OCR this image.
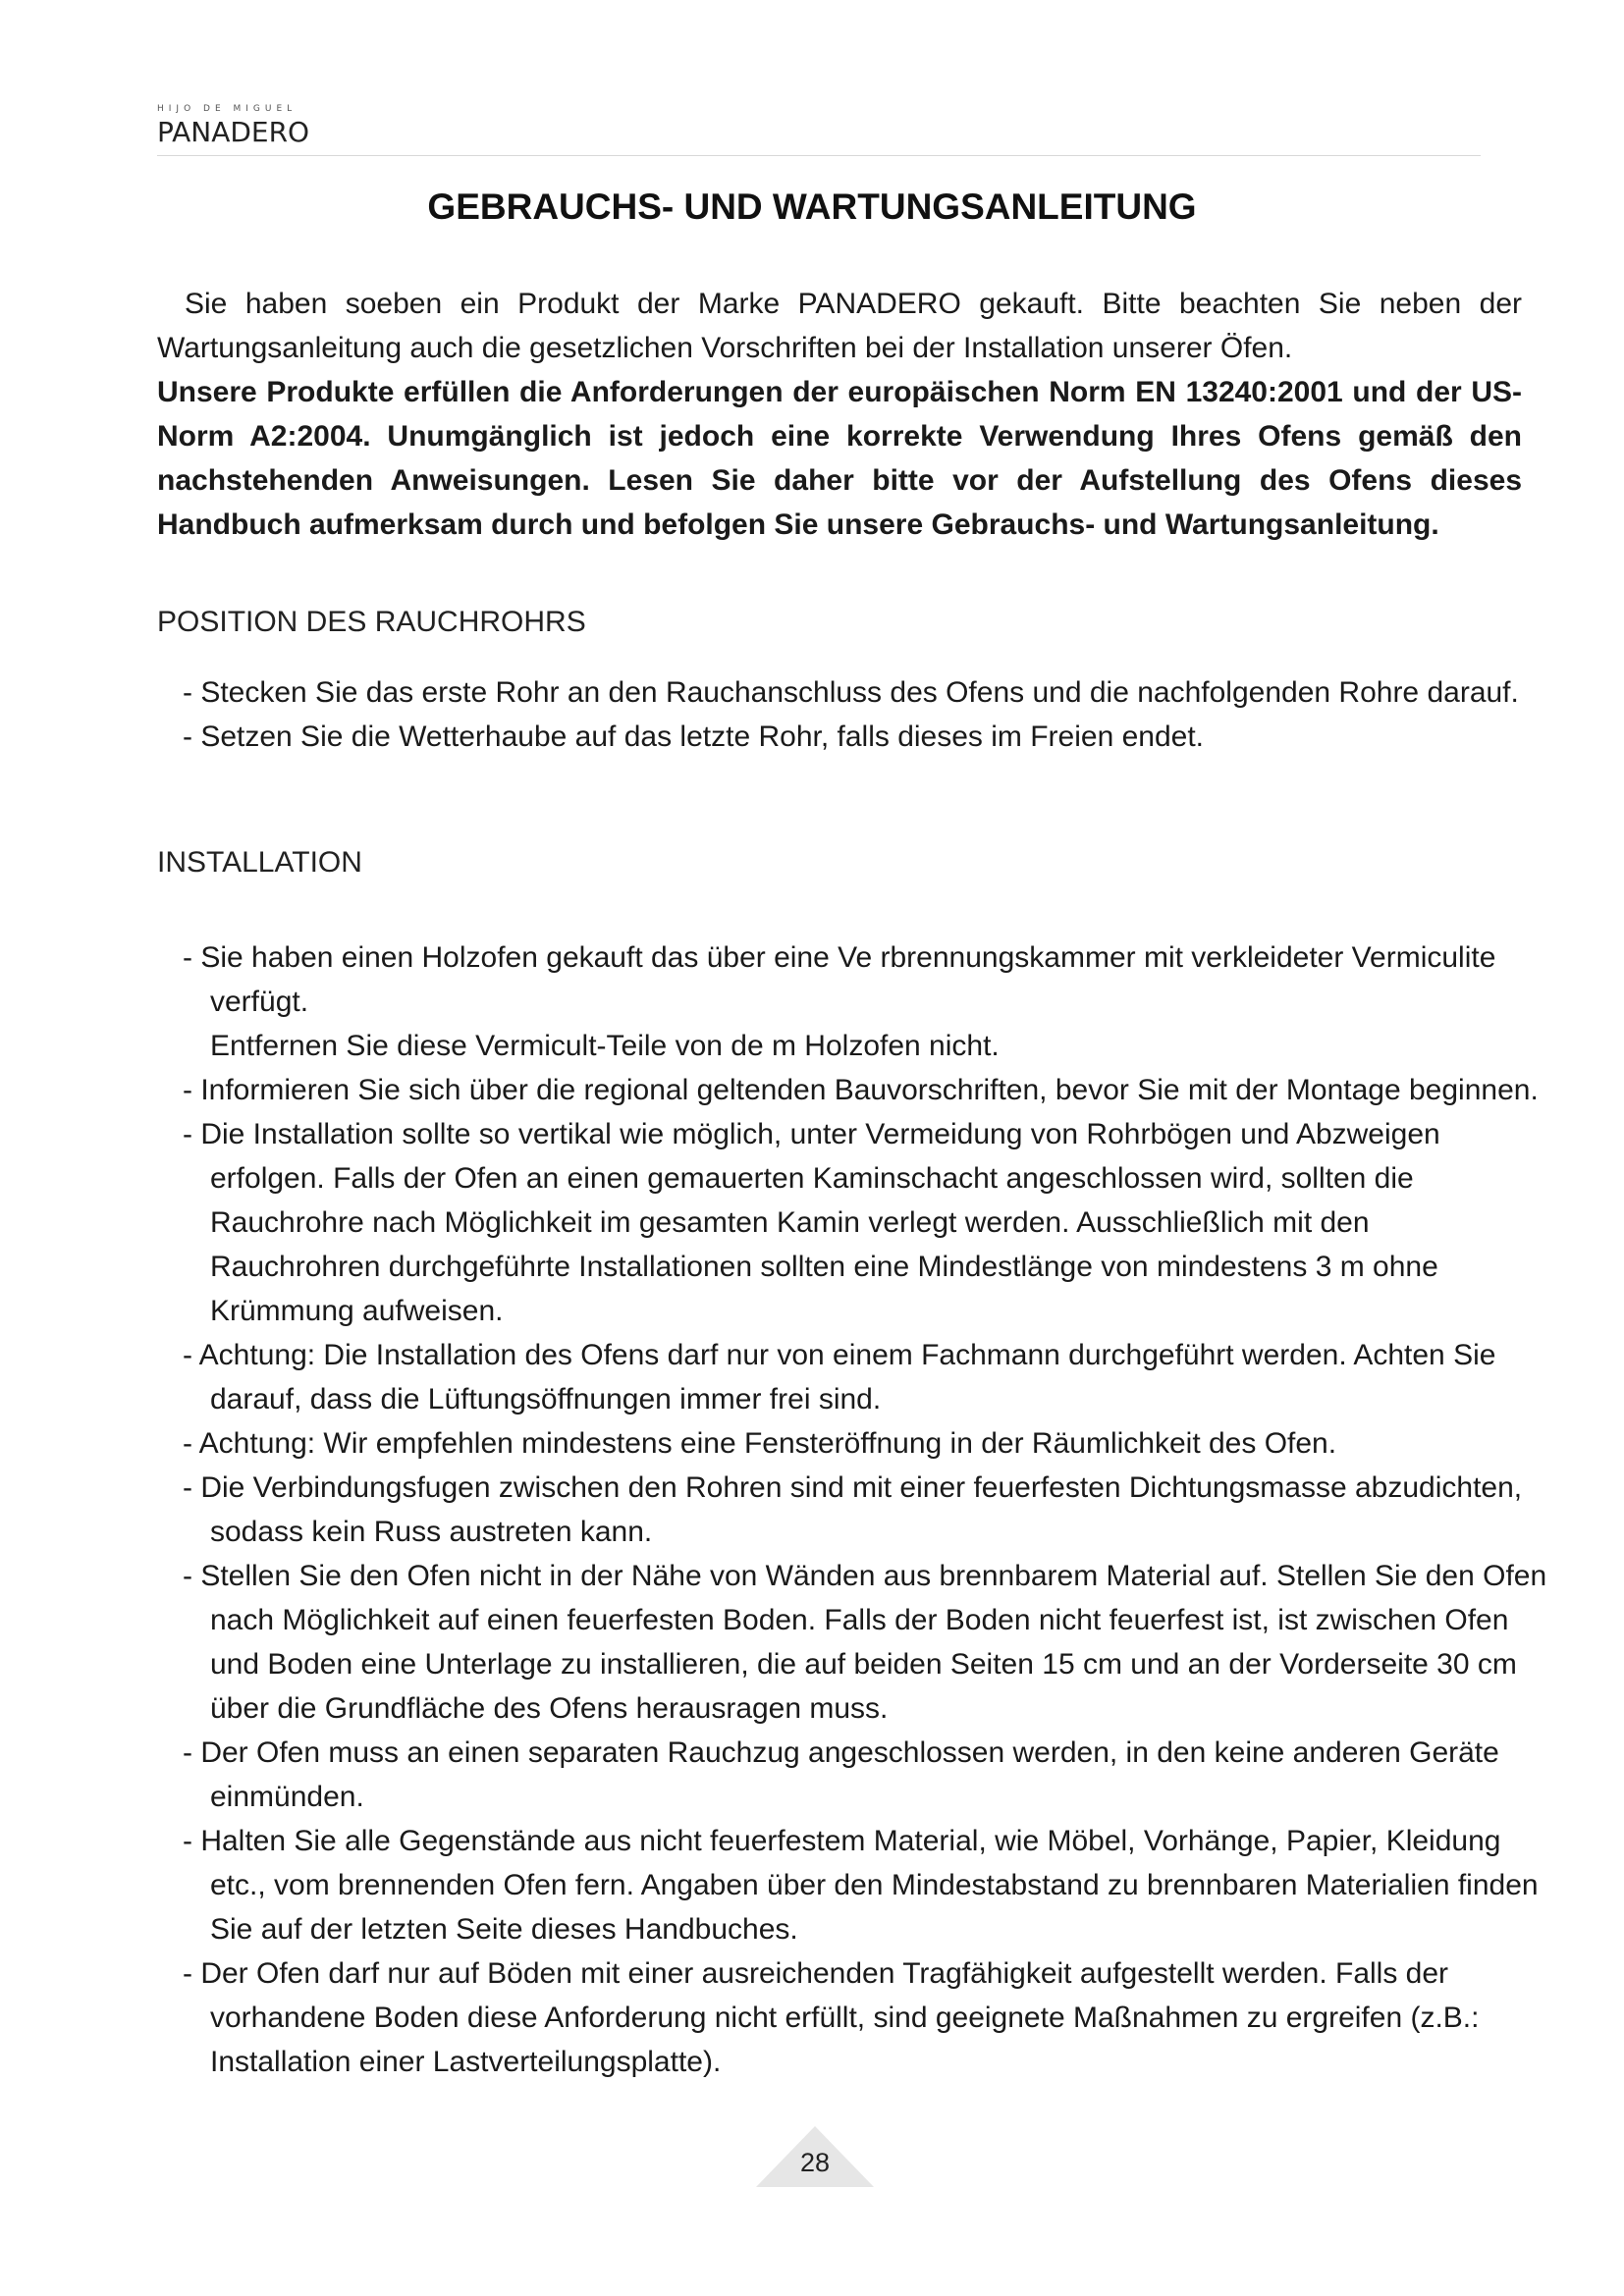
HIJO DE MIGUEL
PANADERO
GEBRAUCHS- UND WARTUNGSANLEITUNG

Sie haben soeben ein Produkt der Marke PANADERO gekauft. Bitte beachten Sie neben der Wartungsanleitung auch die gesetzlichen Vorschriften bei der Installation unserer Öfen.

Unsere Produkte erfüllen die Anforderungen der europäischen Norm EN 13240:2001 und der US-Norm A2:2004. Unumgänglich ist jedoch eine korrekte Verwendung Ihres Ofens gemäß den nachstehenden Anweisungen. Lesen Sie daher bitte vor der Aufstellung des Ofens dieses Handbuch aufmerksam durch und befolgen Sie unsere Gebrauchs- und Wartungsanleitung.

POSITION DES RAUCHROHRS
- Stecken Sie das erste Rohr an den Rauchanschluss des Ofens und die nachfolgenden Rohre darauf.
- Setzen Sie die Wetterhaube auf das letzte Rohr, falls dieses im Freien endet.
INSTALLATION
- Sie haben einen Holzofen gekauft das über eine Ve rbrennungskammer mit verkleideter Vermiculite verfügt.
Entfernen Sie diese Vermicult-Teile von de m Holzofen nicht.
- Informieren Sie sich über die regional geltenden Bauvorschriften, bevor Sie mit der Montage beginnen.
- Die Installation sollte so vertikal wie möglich, unter Vermeidung von Rohrbögen und Abzweigen erfolgen. Falls der Ofen an einen gemauerten Kaminschacht angeschlossen wird, sollten die Rauchrohre nach Möglichkeit im gesamten Kamin verlegt werden. Ausschließlich mit den Rauchrohren durchgeführte Installationen sollten eine Mindestlänge von mindestens 3 m ohne Krümmung aufweisen.
- Achtung: Die Installation des Ofens darf nur von einem Fachmann durchgeführt werden. Achten Sie darauf, dass die Lüftungsöffnungen immer frei sind.
- Achtung: Wir empfehlen mindestens eine Fensteröffnung in der Räumlichkeit des Ofen.
- Die Verbindungsfugen zwischen den Rohren sind mit einer feuerfesten Dichtungsmasse abzudichten, sodass kein Russ austreten kann.
- Stellen Sie den Ofen nicht in der Nähe von Wänden aus brennbarem Material auf. Stellen Sie den Ofen nach Möglichkeit auf einen feuerfesten Boden. Falls der Boden nicht feuerfest ist, ist zwischen Ofen und Boden eine Unterlage zu installieren, die auf beiden Seiten 15 cm und an der Vorderseite 30 cm über die Grundfläche des Ofens herausragen muss.
- Der Ofen muss an einen separaten Rauchzug angeschlossen werden, in den keine anderen Geräte einmünden.
- Halten Sie alle Gegenstände aus nicht feuerfestem Material, wie Möbel, Vorhänge, Papier, Kleidung etc., vom brennenden Ofen fern. Angaben über den Mindestabstand zu brennbaren Materialien finden Sie auf der letzten Seite dieses Handbuches.
- Der Ofen darf nur auf Böden mit einer ausreichenden Tragfähigkeit aufgestellt werden. Falls der vorhandene Boden diese Anforderung nicht erfüllt, sind geeignete Maßnahmen zu ergreifen (z.B.: Installation einer Lastverteilungsplatte).
28
